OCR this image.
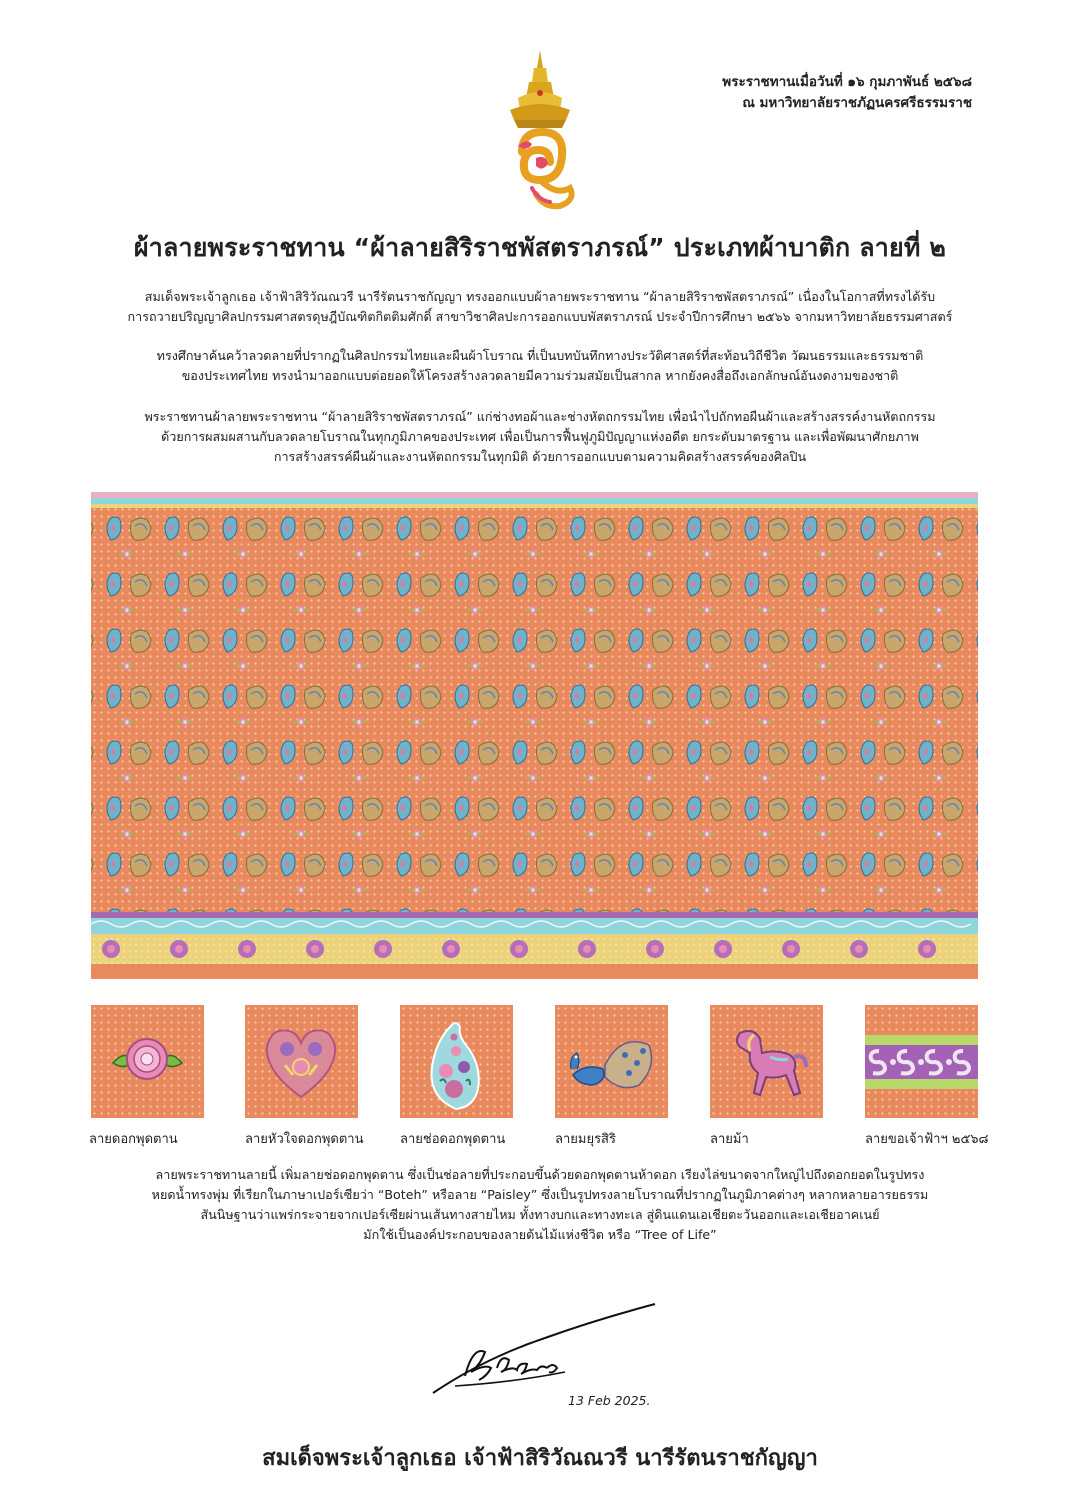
พระราชทานเมื่อวันที่ ๑๖ กุมภาพันธ์ ๒๕๖๘
ณ มหาวิทยาลัยราชภัฏนครศรีธรรมราช
ผ้าลายพระราชทาน “ผ้าลายสิริราชพัสตราภรณ์” ประเภทผ้าบาติก ลายที่ ๒
สมเด็จพระเจ้าลูกเธอ เจ้าฟ้าสิริวัณณวรี นารีรัตนราชกัญญา ทรงออกแบบผ้าลายพระราชทาน “ผ้าลายสิริราชพัสตราภรณ์” เนื่องในโอกาสที่ทรงได้รับ
การถวายปริญญาศิลปกรรมศาสตรดุษฎีบัณฑิตกิตติมศักดิ์ สาขาวิชาศิลปะการออกแบบพัสตราภรณ์ ประจำปีการศึกษา ๒๕๖๖ จากมหาวิทยาลัยธรรมศาสตร์
ทรงศึกษาค้นคว้าลวดลายที่ปรากฏในศิลปกรรมไทยและผืนผ้าโบราณ ที่เป็นบทบันทึกทางประวัติศาสตร์ที่สะท้อนวิถีชีวิต วัฒนธรรมและธรรมชาติ
ของประเทศไทย ทรงนำมาออกแบบต่อยอดให้โครงสร้างลวดลายมีความร่วมสมัยเป็นสากล หากยังคงสื่อถึงเอกลักษณ์อันงดงามของชาติ
พระราชทานผ้าลายพระราชทาน “ผ้าลายสิริราชพัสตราภรณ์” แก่ช่างทอผ้าและช่างหัตถกรรมไทย เพื่อนำไปถักทอผืนผ้าและสร้างสรรค์งานหัตถกรรม
ด้วยการผสมผสานกับลวดลายโบราณในทุกภูมิภาคของประเทศ เพื่อเป็นการฟื้นฟูภูมิปัญญาแห่งอดีต ยกระดับมาตรฐาน และเพื่อพัฒนาศักยภาพ
การสร้างสรรค์ผืนผ้าและงานหัตถกรรมในทุกมิติ ด้วยการออกแบบตามความคิดสร้างสรรค์ของศิลปิน
ลายดอกพุดตาน	ลายหัวใจดอกพุดตาน	ลายช่อดอกพุดตาน	ลายมยุรสิริ	ลายม้า	ลายขอเจ้าฟ้าฯ ๒๕๖๘
ลายพระราชทานลายนี้ เพิ่มลายช่อดอกพุดตาน ซึ่งเป็นช่อลายที่ประกอบขึ้นด้วยดอกพุดตานห้าดอก เรียงไล่ขนาดจากใหญ่ไปถึงดอกยอดในรูปทรง
หยดน้ำทรงพุ่ม ที่เรียกในภาษาเปอร์เซียว่า “Boteh” หรือลาย “Paisley” ซึ่งเป็นรูปทรงลายโบราณที่ปรากฏในภูมิภาคต่างๆ หลากหลายอารยธรรม
สันนิษฐานว่าแพร่กระจายจากเปอร์เซียผ่านเส้นทางสายไหม ทั้งทางบกและทางทะเล สู่ดินแดนเอเชียตะวันออกและเอเชียอาคเนย์
มักใช้เป็นองค์ประกอบของลายต้นไม้แห่งชีวิต หรือ “Tree of Life”
13 Feb 2025.
สมเด็จพระเจ้าลูกเธอ เจ้าฟ้าสิริวัณณวรี นารีรัตนราชกัญญา
